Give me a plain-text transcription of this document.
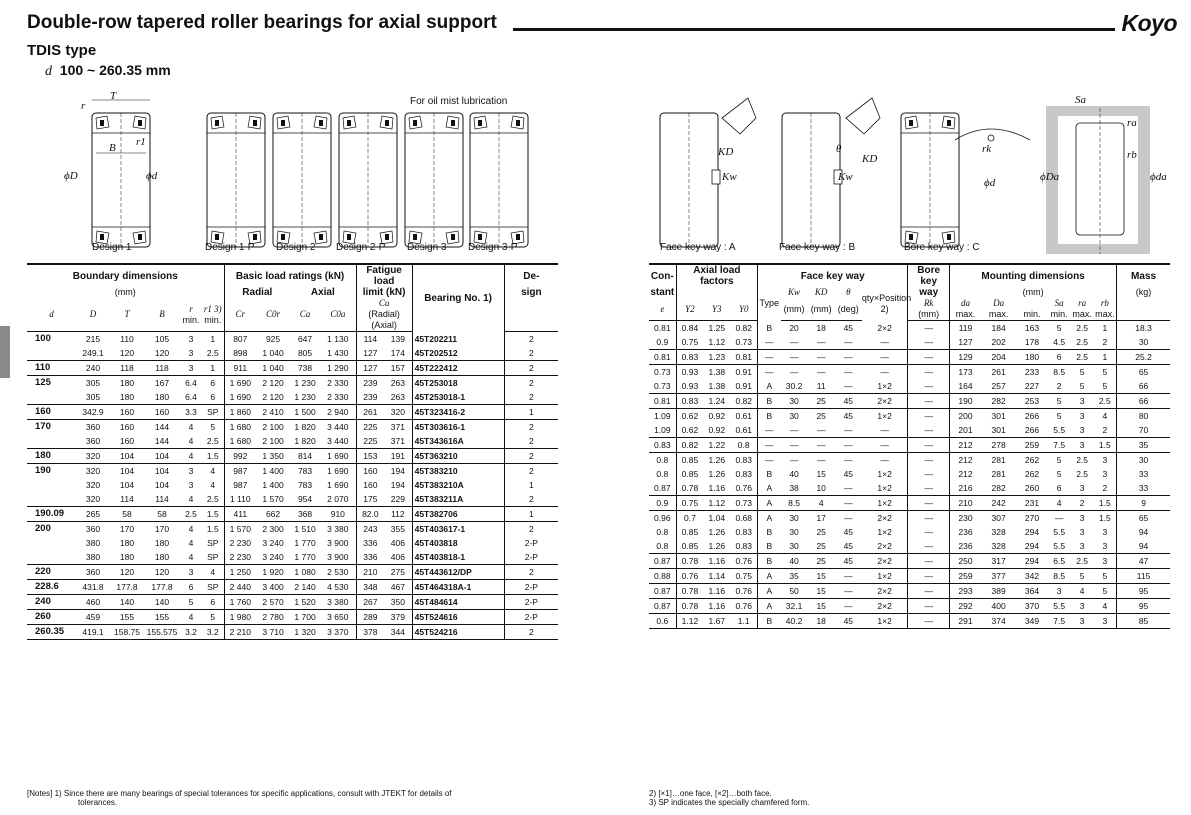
Double-row tapered roller bearings for axial support	Koyo
TDIS type
d 100 ~ 260.35 mm
T
r
r1
B
ϕD	ϕd
For oil mist lubrication
Design 1	Design 1-P Design 2 Design 2-P Design 3 Design 3-P
KD
Kw
θ
KD
Kw
rk
ϕd
Sa
ra
rb
ϕDa	ϕda
Face key way : A	Face key way : B	Bore key way : C
Boundary dimensions						Basic load ratings (kN)				Fatigue load		Bearing No. 1)	De-
(mm)						Radial		Axial		limit (kN)			sign
d	D	T	B	r
min.	r1 3)
min.	Cr	C0r	Ca	C0a	Cu
(Radial) (Axial)			
100	215	110	105	3	1	807	925	647	1 130	114	139	45T202211	2
	249.1	120	120	3	2.5	898	1 040	805	1 430	127	174	45T202512	2
110	240	118	118	3	1	911	1 040	738	1 290	127	157	45T222412	2
125	305	180	167	6.4	6	1 690	2 120	1 230	2 330	239	263	45T253018	2
	305	180	180	6.4	6	1 690	2 120	1 230	2 330	239	263	45T253018-1	2
160	342.9	160	160	3.3	SP	1 860	2 410	1 500	2 940	261	320	45T323416-2	1
170	360	160	144	4	5	1 680	2 100	1 820	3 440	225	371	45T303616-1	2
	360	160	144	4	2.5	1 680	2 100	1 820	3 440	225	371	45T343616A	2
180	320	104	104	4	1.5	992	1 350	814	1 690	153	191	45T363210	2
190	320	104	104	3	4	987	1 400	783	1 690	160	194	45T383210	2
	320	104	104	3	4	987	1 400	783	1 690	160	194	45T383210A	1
	320	114	114	4	2.5	1 110	1 570	954	2 070	175	229	45T383211A	2
190.09	265	58	58	2.5	1.5	411	662	368	910	82.0	112	45T382706	1
200	360	170	170	4	1.5	1 570	2 300	1 510	3 380	243	355	45T403617-1	2
	380	180	180	4	SP	2 230	3 240	1 770	3 900	336	406	45T403818	2-P
	380	180	180	4	SP	2 230	3 240	1 770	3 900	336	406	45T403818-1	2-P
220	360	120	120	3	4	1 250	1 920	1 080	2 530	210	275	45T443612/DP	2
228.6	431.8	177.8	177.8	6	SP	2 440	3 400	2 140	4 530	348	467	45T464318A-1	2-P
240	460	140	140	5	6	1 760	2 570	1 520	3 380	267	350	45T484614	2-P
260	459	155	155	4	5	1 980	2 780	1 700	3 650	289	379	45T524616	2-P
260.35	419.1	158.75	155.575	3.2	3.2	2 210	3 710	1 320	3 370	378	344	45T524216	2
Con-	Axial load factors			Face key way					Bore key	Mounting dimensions						Mass
stant				Type	Kw	KD	θ	qty×Position 2)	way	(mm)						(kg)
e	Y2	Y3	Y0		(mm)	(mm)	(deg)		Rk
(mm)	da
max.	Da
max.	min.	Sa
min.	ra
max.	rb
max.	
0.81	0.84	1.25	0.82	B	20	18	45	2×2	—	119	184	163	5	2.5	1	18.3
0.9	0.75	1.12	0.73	—	—	—	—	—	—	127	202	178	4.5	2.5	2	30
0.81	0.83	1.23	0.81	—	—	—	—	—	—	129	204	180	6	2.5	1	25.2
0.73	0.93	1.38	0.91	—	—	—	—	—	—	173	261	233	8.5	5	5	65
0.73	0.93	1.38	0.91	A	30.2	11	—	1×2	—	164	257	227	2	5	5	66
0.81	0.83	1.24	0.82	B	30	25	45	2×2	—	190	282	253	5	3	2.5	66
1.09	0.62	0.92	0.61	B	30	25	45	1×2	—	200	301	266	5	3	4	80
1.09	0.62	0.92	0.61	—	—	—	—	—	—	201	301	266	5.5	3	2	70
0.83	0.82	1.22	0.8	—	—	—	—	—	—	212	278	259	7.5	3	1.5	35
0.8	0.85	1.26	0.83	—	—	—	—	—	—	212	281	262	5	2.5	3	30
0.8	0.85	1.26	0.83	B	40	15	45	1×2	—	212	281	262	5	2.5	3	33
0.87	0.78	1.16	0.76	A	38	10	—	1×2	—	216	282	260	6	3	2	33
0.9	0.75	1.12	0.73	A	8.5	4	—	1×2	—	210	242	231	4	2	1.5	9
0.96	0.7	1.04	0.68	A	30	17	—	2×2	—	230	307	270	—	3	1.5	65
0.8	0.85	1.26	0.83	B	30	25	45	1×2	—	236	328	294	5.5	3	3	94
0.8	0.85	1.26	0.83	B	30	25	45	2×2	—	236	328	294	5.5	3	3	94
0.87	0.78	1.16	0.76	B	40	25	45	2×2	—	250	317	294	6.5	2.5	3	47
0.88	0.76	1.14	0.75	A	35	15	—	1×2	—	259	377	342	8.5	5	5	115
0.87	0.78	1.16	0.76	A	50	15	—	2×2	—	293	389	364	3	4	5	95
0.87	0.78	1.16	0.76	A	32.1	15	—	2×2	—	292	400	370	5.5	3	4	95
0.6	1.12	1.67	1.1	B	40.2	18	45	1×2	—	291	374	349	7.5	3	3	85
[Notes] 1) Since there are many bearings of special tolerances for specific applications, consult with JTEKT for details of
tolerances.
2) [×1]…one face, [×2]…both face.
3) SP indicates the specially chamfered form.
